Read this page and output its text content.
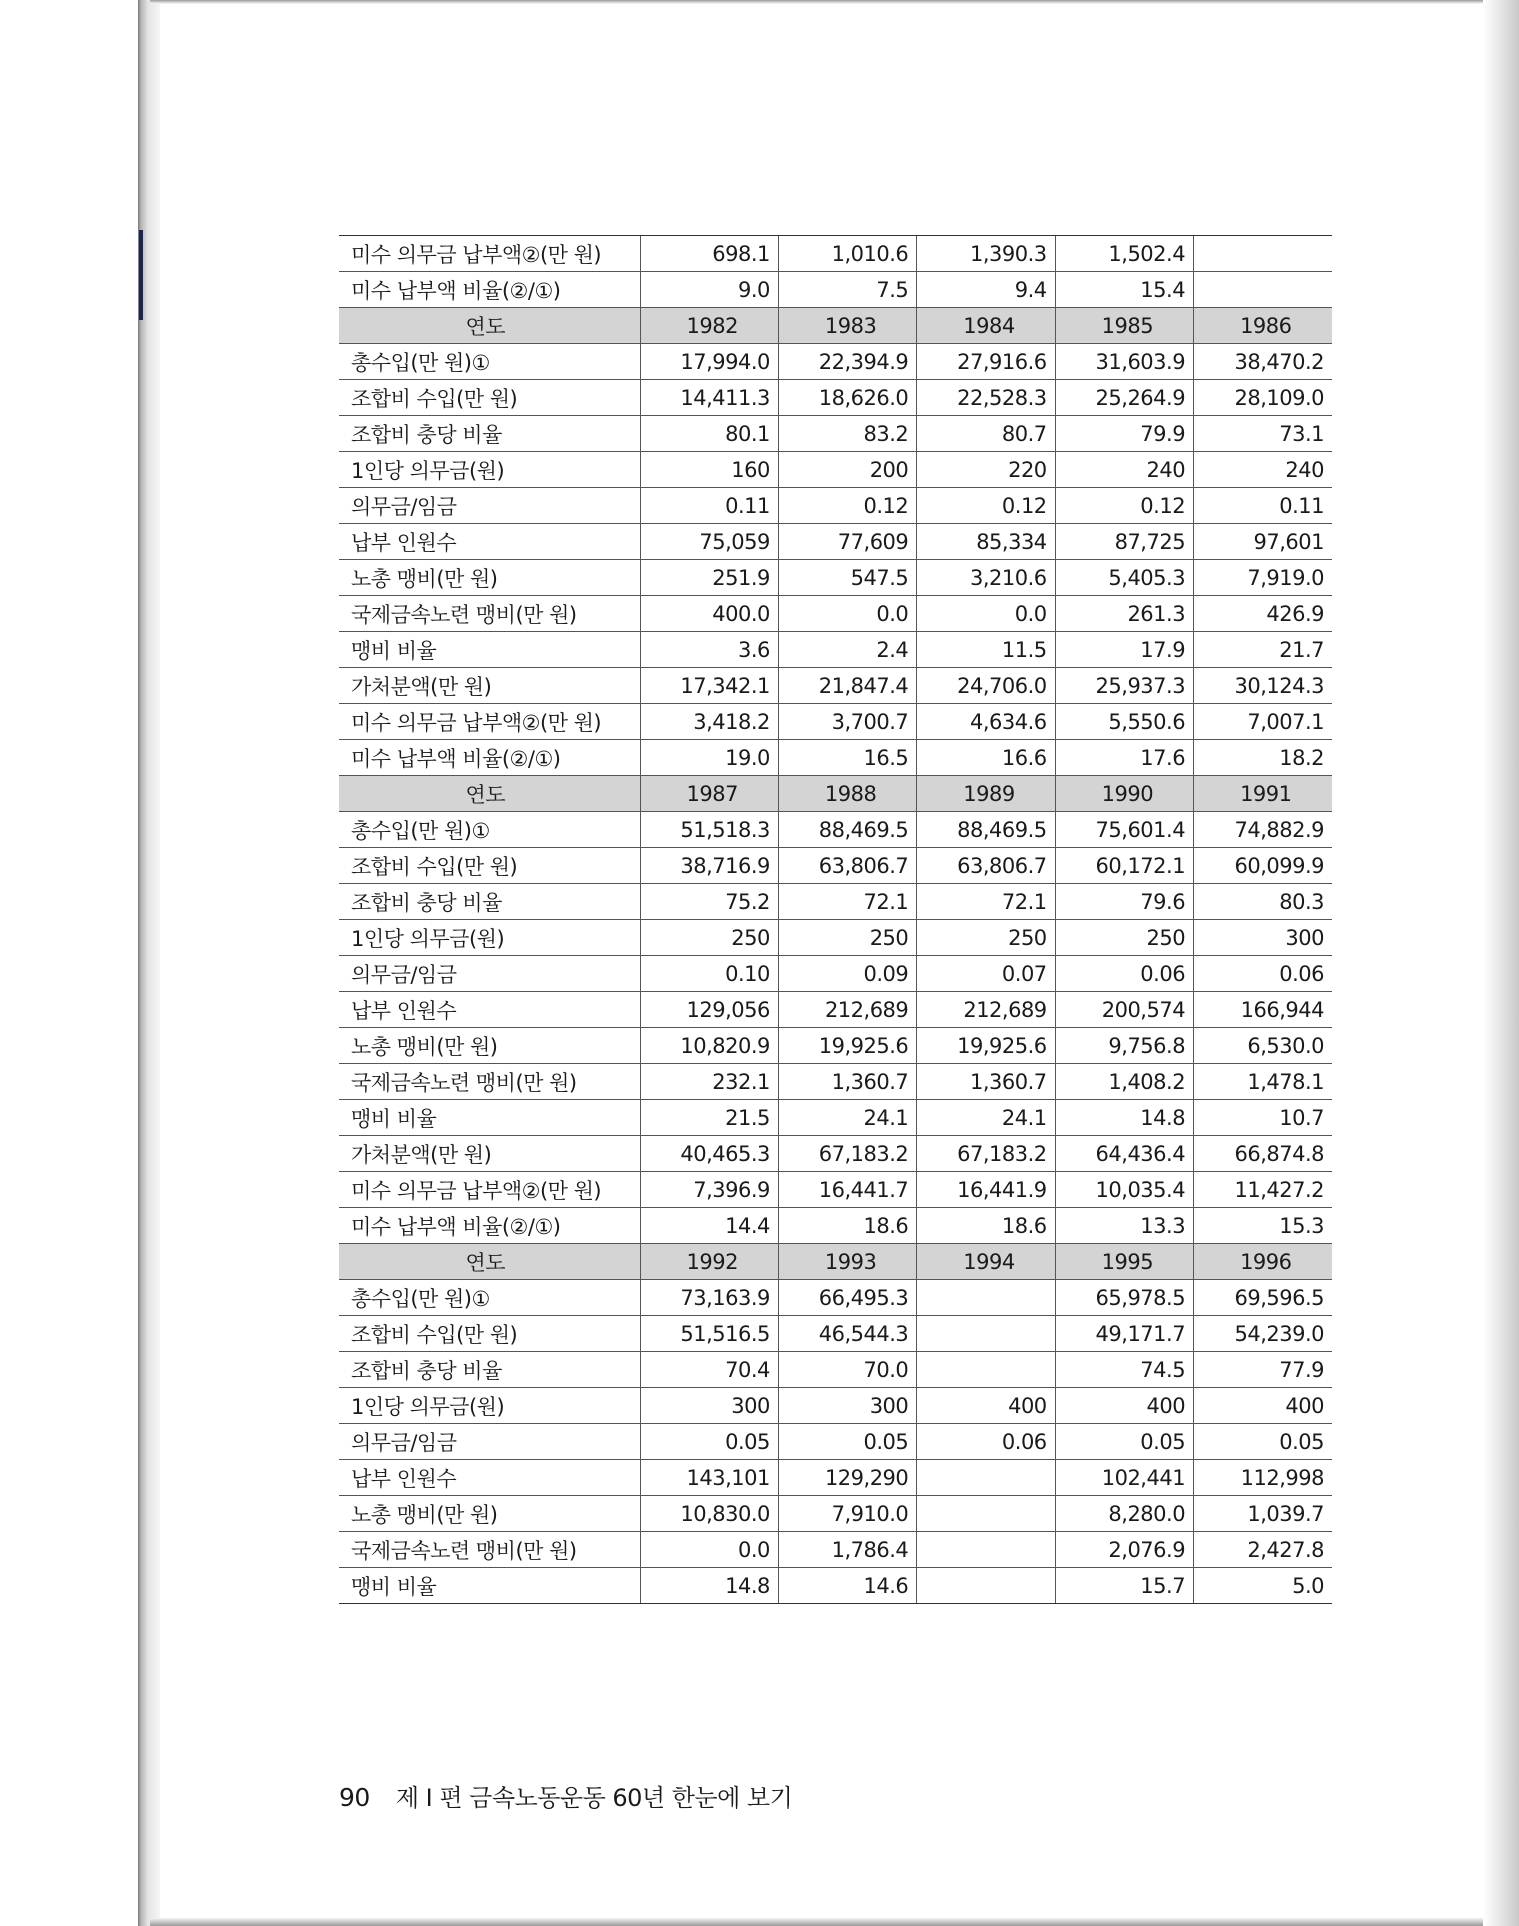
미수 의무금 납부액②(만 원)	698.1	1,010.6	1,390.3	1,502.4	
미수 납부액 비율(②/①)	9.0	7.5	9.4	15.4	
연도	1982	1983	1984	1985	1986
총수입(만 원)①	17,994.0	22,394.9	27,916.6	31,603.9	38,470.2
조합비 수입(만 원)	14,411.3	18,626.0	22,528.3	25,264.9	28,109.0
조합비 충당 비율	80.1	83.2	80.7	79.9	73.1
1인당 의무금(원)	160	200	220	240	240
의무금/임금	0.11	0.12	0.12	0.12	0.11
납부 인원수	75,059	77,609	85,334	87,725	97,601
노총 맹비(만 원)	251.9	547.5	3,210.6	5,405.3	7,919.0
국제금속노련 맹비(만 원)	400.0	0.0	0.0	261.3	426.9
맹비 비율	3.6	2.4	11.5	17.9	21.7
가처분액(만 원)	17,342.1	21,847.4	24,706.0	25,937.3	30,124.3
미수 의무금 납부액②(만 원)	3,418.2	3,700.7	4,634.6	5,550.6	7,007.1
미수 납부액 비율(②/①)	19.0	16.5	16.6	17.6	18.2
연도	1987	1988	1989	1990	1991
총수입(만 원)①	51,518.3	88,469.5	88,469.5	75,601.4	74,882.9
조합비 수입(만 원)	38,716.9	63,806.7	63,806.7	60,172.1	60,099.9
조합비 충당 비율	75.2	72.1	72.1	79.6	80.3
1인당 의무금(원)	250	250	250	250	300
의무금/임금	0.10	0.09	0.07	0.06	0.06
납부 인원수	129,056	212,689	212,689	200,574	166,944
노총 맹비(만 원)	10,820.9	19,925.6	19,925.6	9,756.8	6,530.0
국제금속노련 맹비(만 원)	232.1	1,360.7	1,360.7	1,408.2	1,478.1
맹비 비율	21.5	24.1	24.1	14.8	10.7
가처분액(만 원)	40,465.3	67,183.2	67,183.2	64,436.4	66,874.8
미수 의무금 납부액②(만 원)	7,396.9	16,441.7	16,441.9	10,035.4	11,427.2
미수 납부액 비율(②/①)	14.4	18.6	18.6	13.3	15.3
연도	1992	1993	1994	1995	1996
총수입(만 원)①	73,163.9	66,495.3		65,978.5	69,596.5
조합비 수입(만 원)	51,516.5	46,544.3		49,171.7	54,239.0
조합비 충당 비율	70.4	70.0		74.5	77.9
1인당 의무금(원)	300	300	400	400	400
의무금/임금	0.05	0.05	0.06	0.05	0.05
납부 인원수	143,101	129,290		102,441	112,998
노총 맹비(만 원)	10,830.0	7,910.0		8,280.0	1,039.7
국제금속노련 맹비(만 원)	0.0	1,786.4		2,076.9	2,427.8
맹비 비율	14.8	14.6		15.7	5.0
90 제 I 편 금속노동운동 60년 한눈에 보기
